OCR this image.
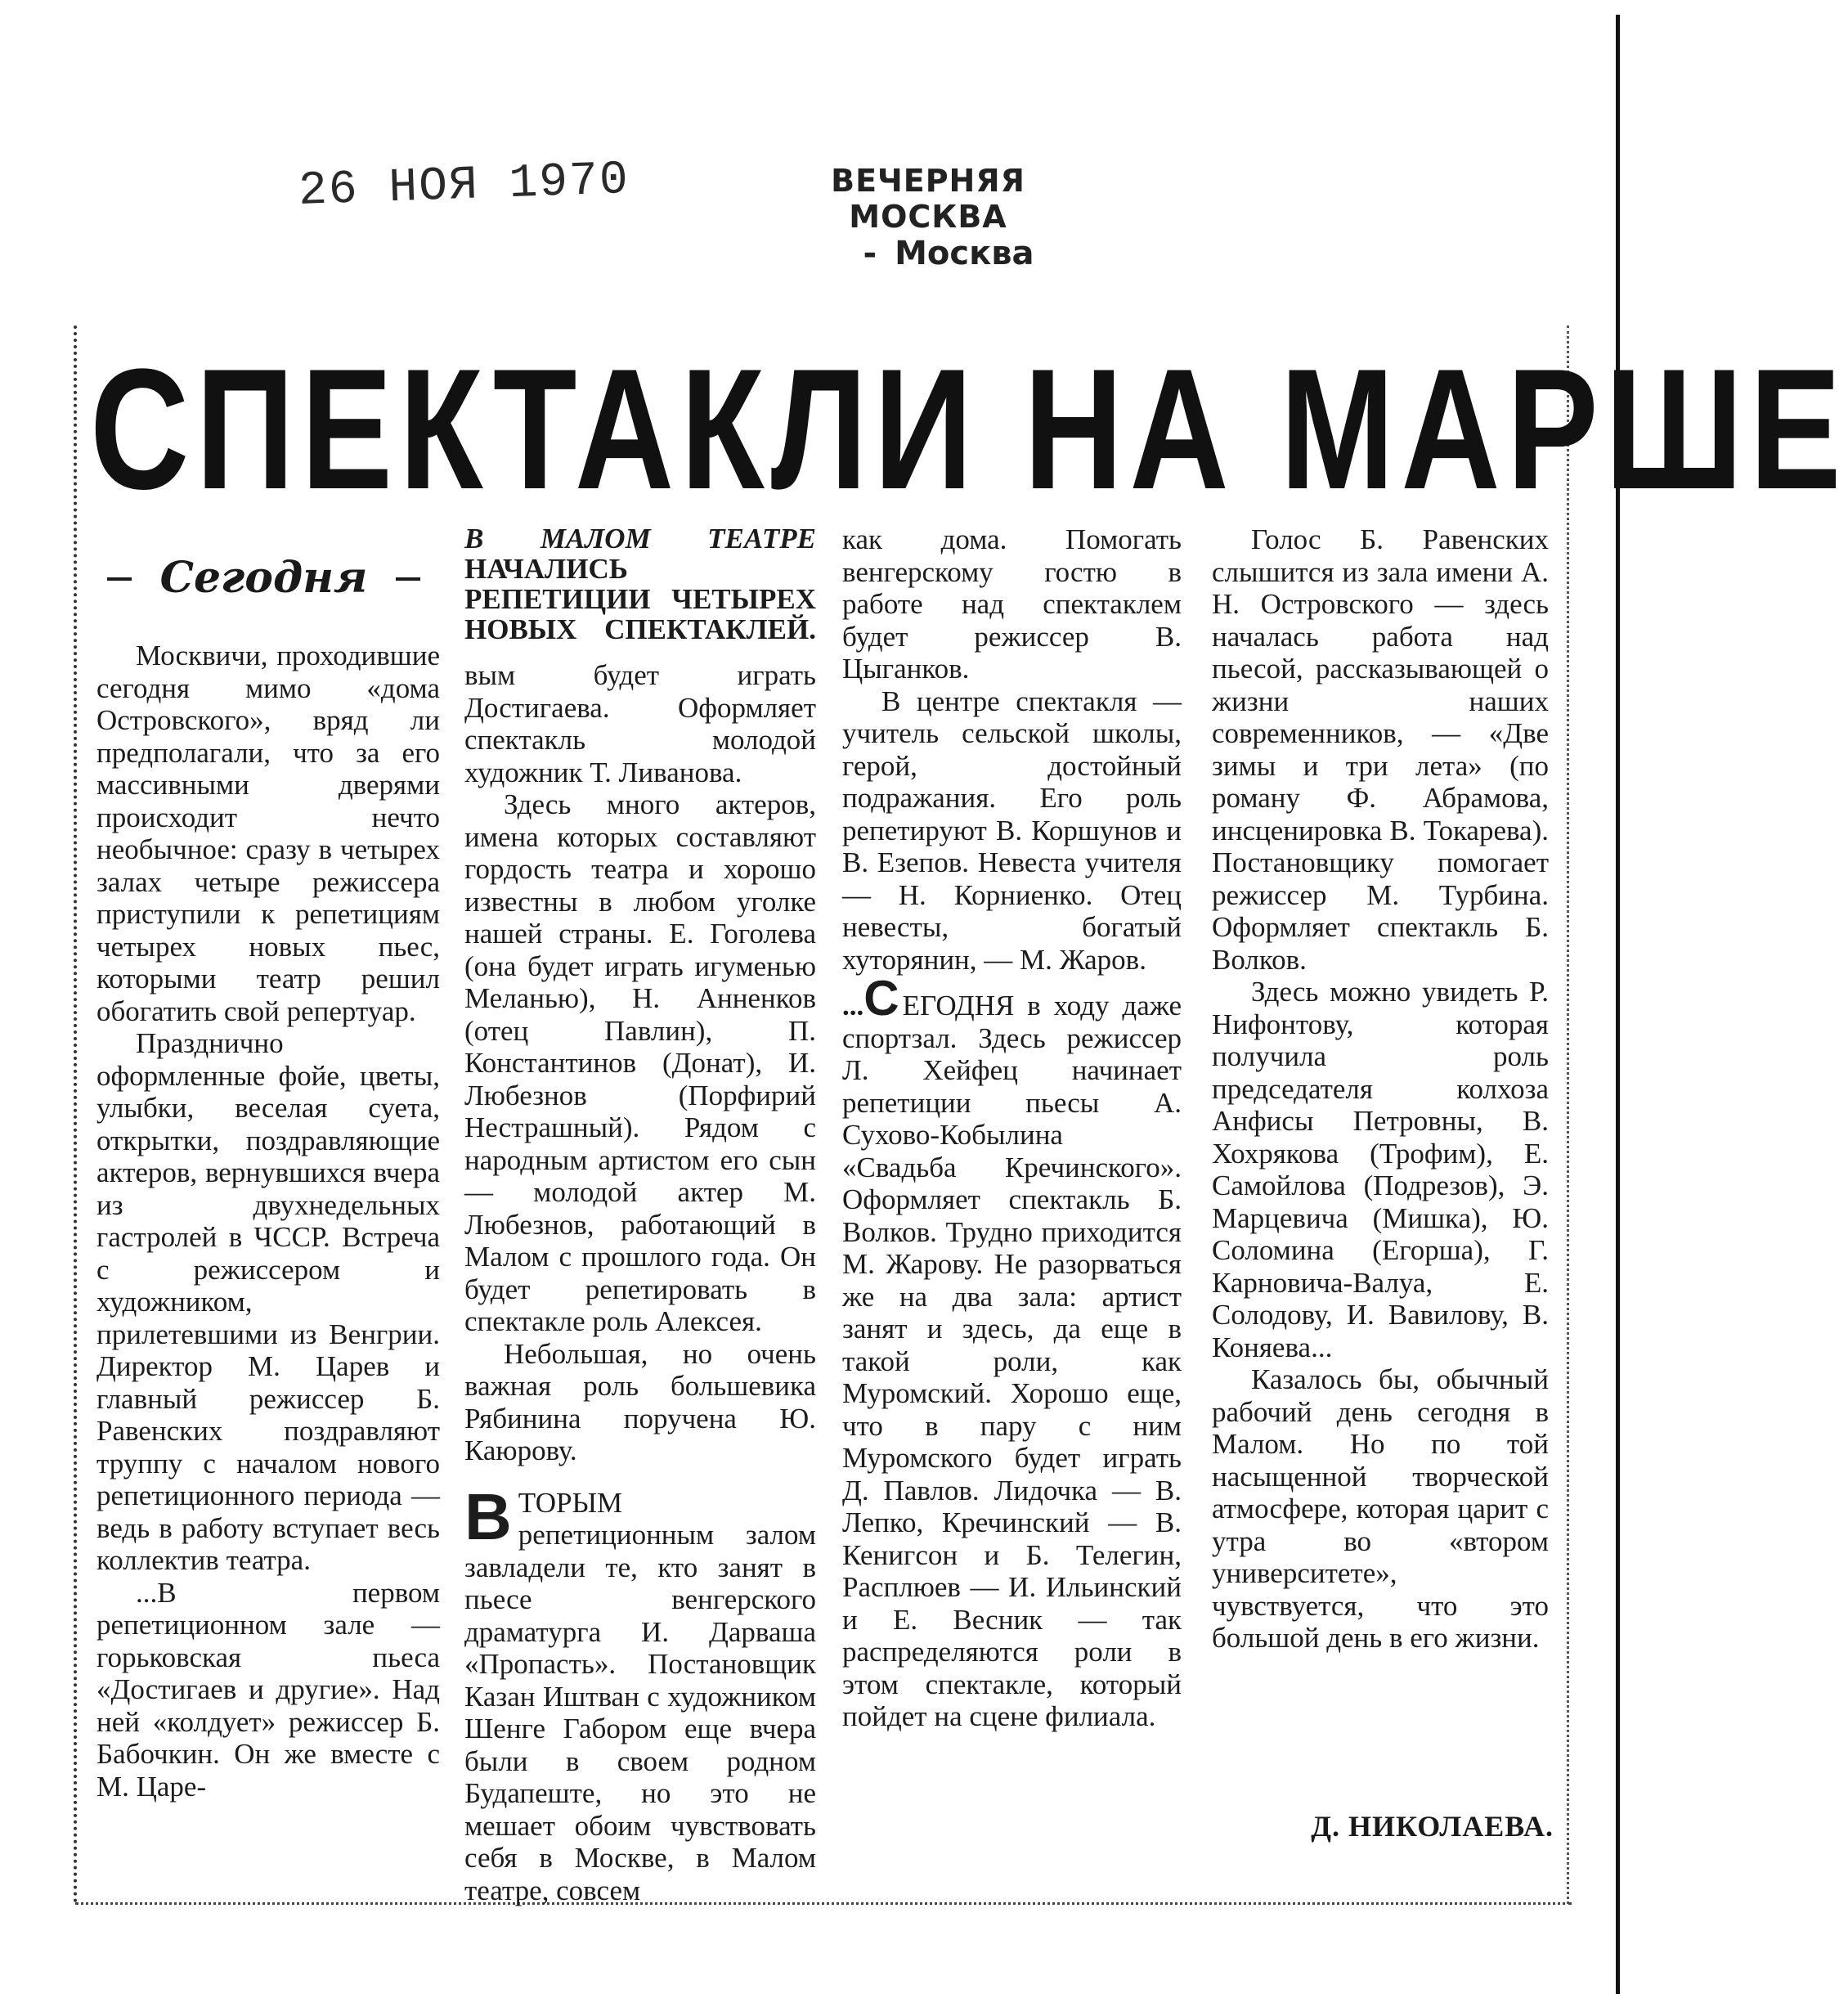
26 НОЯ 1970	ВЕЧЕРНЯЯ МОСКВА
- Москва
СПЕКТАКЛИ НА МАРШЕ
Сегодня

Москвичи, проходившие сегодня мимо «дома Островского», вряд ли предполагали, что за его массивными дверями происходит нечто необычное: сразу в четырех залах четыре режиссера приступили к репетициям четырех новых пьес, которыми театр решил обогатить свой репертуар.

Празднично оформленные фойе, цветы, улыбки, веселая суета, открытки, поздравляющие актеров, вернувшихся вчера из двухнедельных гастролей в ЧССР. Встреча с режиссером и художником, прилетевшими из Венгрии. Директор М. Царев и главный режиссер Б. Равенских поздравляют труппу с началом нового репетиционного периода — ведь в работу вступает весь коллектив театра.

...В первом репетиционном зале — горьковская пьеса «Достигаев и другие». Над ней «колдует» режиссер Б. Бабочкин. Он же вместе с М. Царе-

В МАЛОМ ТЕАТРЕ НАЧАЛИСЬ РЕПЕТИЦИИ ЧЕТЫРЕХ НОВЫХ СПЕКТАКЛЕЙ.

вым будет играть Достигаева. Оформляет спектакль молодой художник Т. Ливанова.

Здесь много актеров, имена которых составляют гордость театра и хорошо известны в любом уголке нашей страны. Е. Гоголева (она будет играть игуменью Меланью), Н. Анненков (отец Павлин), П. Константинов (Донат), И. Любезнов (Порфирий Нестрашный). Рядом с народным артистом его сын — молодой актер М. Любезнов, работающий в Малом с прошлого года. Он будет репетировать в спектакле роль Алексея.

Небольшая, но очень важная роль большевика Рябинина поручена Ю. Каюрову.

ВТОРЫМ репетиционным залом завладели те, кто занят в пьесе венгерского драматурга И. Дарваша «Пропасть». Постановщик Казан Иштван с художником Шенге Габором еще вчера были в своем родном Будапеште, но это не мешает обоим чувствовать себя в Москве, в Малом театре, совсем

как дома. Помогать венгерскому гостю в работе над спектаклем будет режиссер В. Цыганков.

В центре спектакля — учитель сельской школы, герой, достойный подражания. Его роль репетируют В. Коршунов и В. Езепов. Невеста учителя — Н. Корниенко. Отец невесты, богатый хуторянин, — М. Жаров.

...С ЕГОДНЯ в ходу даже спортзал. Здесь режиссер Л. Хейфец начинает репетиции пьесы А. Сухово-Кобылина «Свадьба Кречинского». Оформляет спектакль Б. Волков. Трудно приходится М. Жарову. Не разорваться же на два зала: артист занят и здесь, да еще в такой роли, как Муромский. Хорошо еще, что в пару с ним Муромского будет играть Д. Павлов. Лидочка — В. Лепко, Кречинский — В. Кенигсон и Б. Телегин, Расплюев — И. Ильинский и Е. Весник — так распределяются роли в этом спектакле, который пойдет на сцене филиала.

Голос Б. Равенских слышится из зала имени А. Н. Островского — здесь началась работа над пьесой, рассказывающей о жизни наших современников, — «Две зимы и три лета» (по роману Ф. Абрамова, инсценировка В. Токарева). Постановщику помогает режиссер М. Турбина. Оформляет спектакль Б. Волков.

Здесь можно увидеть Р. Нифонтову, которая получила роль председателя колхоза Анфисы Петровны, В. Хохрякова (Трофим), Е. Самойлова (Подрезов), Э. Марцевича (Мишка), Ю. Соломина (Егорша), Г. Карновича-Валуа, Е. Солодову, И. Вавилову, В. Коняева...

Казалось бы, обычный рабочий день сегодня в Малом. Но по той насыщенной творческой атмосфере, которая царит с утра во «втором университете», чувствуется, что это большой день в его жизни.

Д. НИКОЛАЕВА.
